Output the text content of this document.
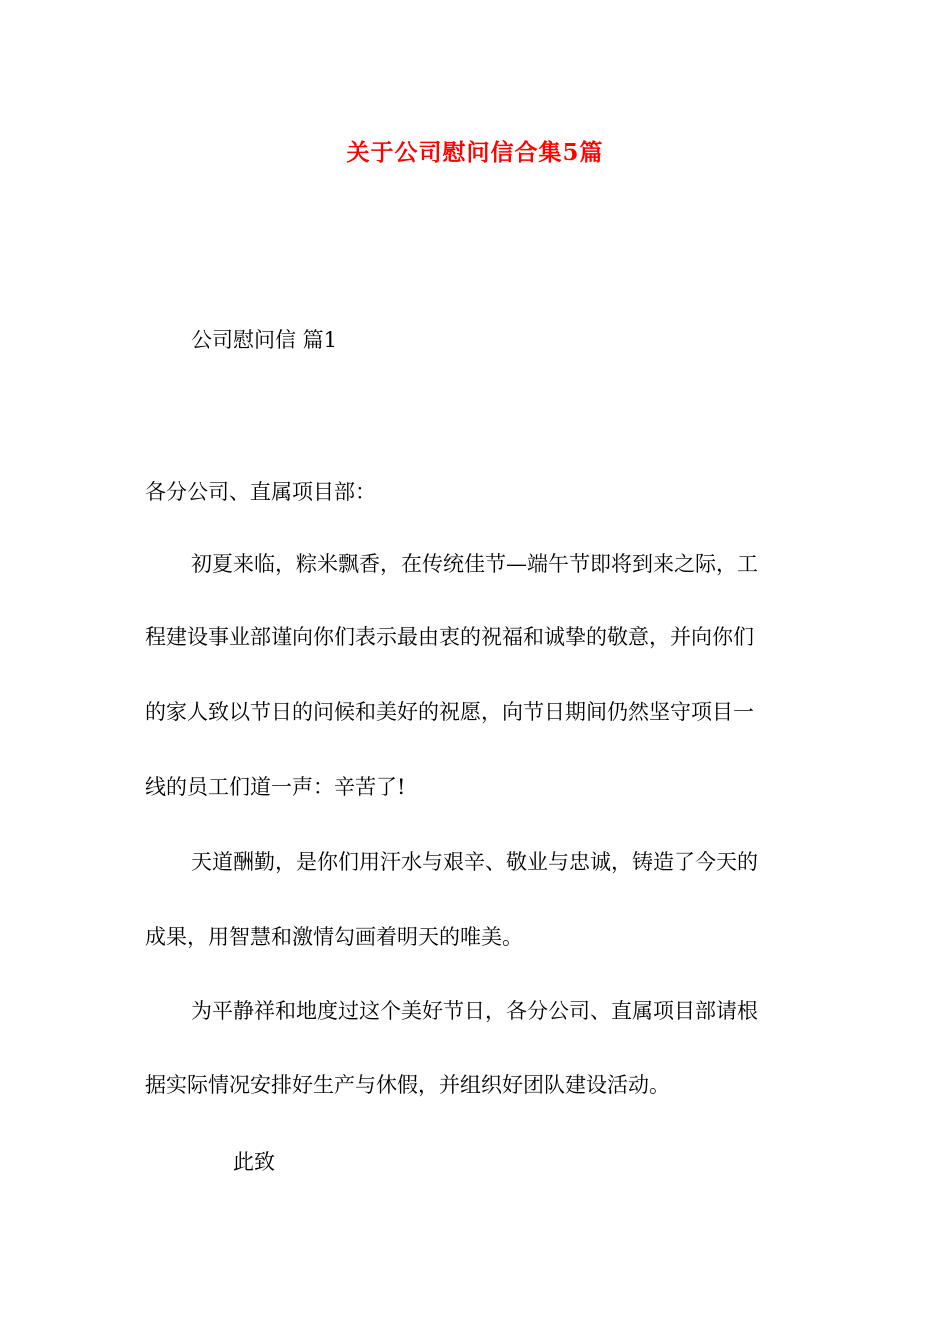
关于公司慰问信合集5篇
公司慰问信 篇1
各分公司、直属项目部：
初夏来临，粽米飘香，在传统佳节—端午节即将到来之际，工
程建设事业部谨向你们表示最由衷的祝福和诚挚的敬意，并向你们
的家人致以节日的问候和美好的祝愿，向节日期间仍然坚守项目一
线的员工们道一声：辛苦了!
天道酬勤，是你们用汗水与艰辛、敬业与忠诚，铸造了今天的
成果，用智慧和激情勾画着明天的唯美。
为平静祥和地度过这个美好节日，各分公司、直属项目部请根
据实际情况安排好生产与休假，并组织好团队建设活动。
此致
